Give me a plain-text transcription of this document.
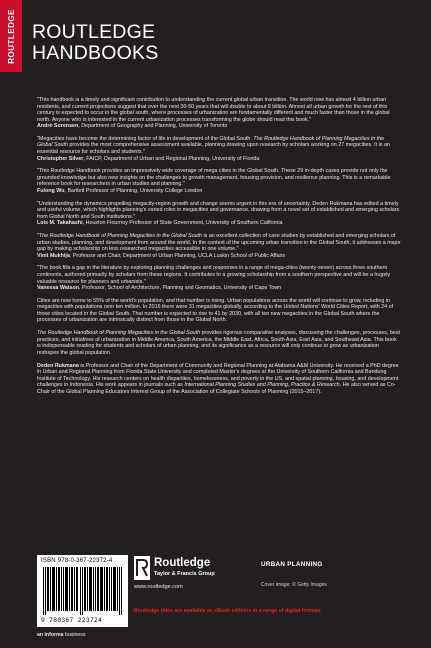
ROUTLEDGE ROUTLEDGE
HANDBOOKS

"This handbook is a timely and significant contribution to understanding the current global urban transition. The world now has almost 4 billion urban residents, and current projections suggest that over the next 30-50 years that will double to about 8 billion. Almost all urban growth for the rest of this century is expected to occur in the global south, where processes of urbanization are fundamentally different and much faster than those in the global north. Anyone who is interested in the current urbanization processes transforming the globe should read this book."
André Sorensen, Department of Geography and Planning, University of Toronto

"Megacities have become the determining factor of life in development of the Global South. The Routledge Handbook of Planning Megacities in the Global South provides the most comprehensive assessment available, planning drawing upon research by scholars working on 27 megacities. It is an essential resource for scholars and students."
Christopher Silver, FAICP, Department of Urban and Regional Planning, University of Florida

"This Routledge Handbook provides an impressively wide coverage of mega cities in the Global South. These 29 in-depth cases provide not only the grounded knowledge but also new insights on the challenges to growth management, housing provision, and resilience planning. This is a remarkable reference book for researchers in urban studies and planning."
Fulong Wu, Bartlett Professor of Planning, University College London

"Understanding the dynamics propelling megacity-region growth and change seems urgent in this era of uncertainty. Deden Rukmana has edited a timely and useful volume, which highlights planning's varied roles in megacities and governance, drawing from a novel set of established and emerging scholars from Global North and South institutions."
Lois M. Takahashi, Houston Flournoy Professor of State Government, University of Southern California

"The Routledge Handbook of Planning Megacities in the Global South is an excellent collection of case studies by established and emerging scholars of urban studies, planning, and development from around the world. In the context of the upcoming urban transition in the Global South, it addresses a major gap by making scholarship on less researched megacities accessible in one volume."
Vinit Mukhija, Professor and Chair, Department of Urban Planning, UCLA Luskin School of Public Affairs

"The book fills a gap in the literature by exploring planning challenges and responses in a range of mega-cities (twenty-seven) across three southern continents, authored primarily by scholars from these regions. It contributes to a growing scholarship from a southern perspective and will be a hugely valuable resource for planners and urbanists."
Vanessa Watson, Professor, School of Architecture, Planning and Geomatics, University of Cape Town

Cities are now home to 55% of the world's population, and that number is rising. Urban populations across the world will continue to grow, including in megacities with populations over ten million. In 2016 there were 31 megacities globally, according to the United Nations' World Cities Report, with 24 of those cities located in the Global South. That number is expected to rise to 41 by 2030, with all ten new megacities in the Global South where the processes of urbanization are intrinsically distinct from those in the Global North.

The Routledge Handbook of Planning Megacities in the Global South provides rigorous comparative analyses, discussing the challenges, processes, best practices, and initiatives of urbanization in Middle America, South America, the Middle East, Africa, South Asia, East Asia, and Southeast Asia. This book is indispensable reading for students and scholars of urban planning, and its significance as a resource will only continue to grow as urbanization reshapes the global population.

Deden Rukmana is Professor and Chair of the Department of Community and Regional Planning at Alabama A&M University. He received a PhD degree in Urban and Regional Planning from Florida State University and completed Master's degrees at the University of Southern California and Bandung Institute of Technology. His research centers on health disparities, homelessness, and poverty in the US, and spatial planning, housing, and development challenges in Indonesia. His work appears in journals such as International Planning Studies and Planning, Practice & Research. He also served as Co-Chair of the Global Planning Educators Interest Group of the Association of Collegiate Schools of Planning (2015–2017).

ISBN 978-0-367-22372-4
9 780367 223724
Routledge
Taylor & Francis Group
www.routledge.com
URBAN PLANNING
Cover image: © Getty Images
Routledge titles are available as eBook editions in a range of digital formats
an informa business
